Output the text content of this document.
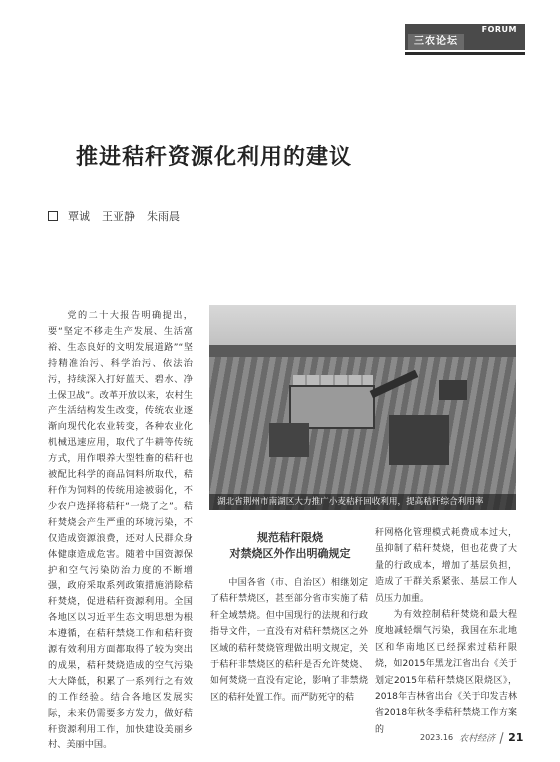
FORUM
三农论坛
推进秸秆资源化利用的建议
覃诚 王亚静 朱雨晨

党的二十大报告明确提出，要“坚定不移走生产发展、生活富裕、生态良好的文明发展道路”“坚持精准治污、科学治污、依法治污，持续深入打好蓝天、碧水、净土保卫战”。改革开放以来，农村生产生活结构发生改变，传统农业逐渐向现代化农业转变，各种农业化机械迅速应用，取代了牛耕等传统方式，用作喂养大型牲畜的秸秆也被配比科学的商品饲料所取代，秸秆作为饲料的传统用途被弱化，不少农户选择将秸秆“一烧了之”。秸秆焚烧会产生严重的环境污染，不仅造成资源浪费，还对人民群众身体健康造成危害。随着中国资源保护和空气污染防治力度的不断增强，政府采取系列政策措施消除秸秆焚烧，促进秸秆资源利用。全国各地区以习近平生态文明思想为根本遵循，在秸秆禁烧工作和秸秆资源有效利用方面都取得了较为突出的成果，秸秆焚烧造成的空气污染大大降低，积累了一系列行之有效的工作经验。结合各地区发展实际，未来仍需要多方发力，做好秸秆资源利用工作，加快建设美丽乡村、美丽中国。

湖北省荆州市南湖区大力推广小麦秸秆回收利用，提高秸秆综合利用率
规范秸秆限烧
对禁烧区外作出明确规定

中国各省（市、自治区）相继划定了秸秆禁烧区，甚至部分省市实施了秸秆全域禁烧。但中国现行的法规和行政指导文件，一直没有对秸秆禁烧区之外区域的秸秆焚烧管理做出明文规定，关于秸秆非禁烧区的秸秆是否允许焚烧、如何焚烧一直没有定论，影响了非禁烧区的秸秆处置工作。而严防死守的秸

秆网格化管理模式耗费成本过大，虽抑制了秸秆焚烧，但也花费了大量的行政成本，增加了基层负担，造成了干群关系紧张、基层工作人员压力加重。

为有效控制秸秆焚烧和最大程度地减轻烟气污染，我国在东北地区和华南地区已经探索过秸秆限烧，如2015年黑龙江省出台《关于划定2015年秸秆禁烧区限烧区》，2018年吉林省出台《关于印发吉林省2018年秋冬季秸秆禁烧工作方案的

2023.16 农村经济 21
